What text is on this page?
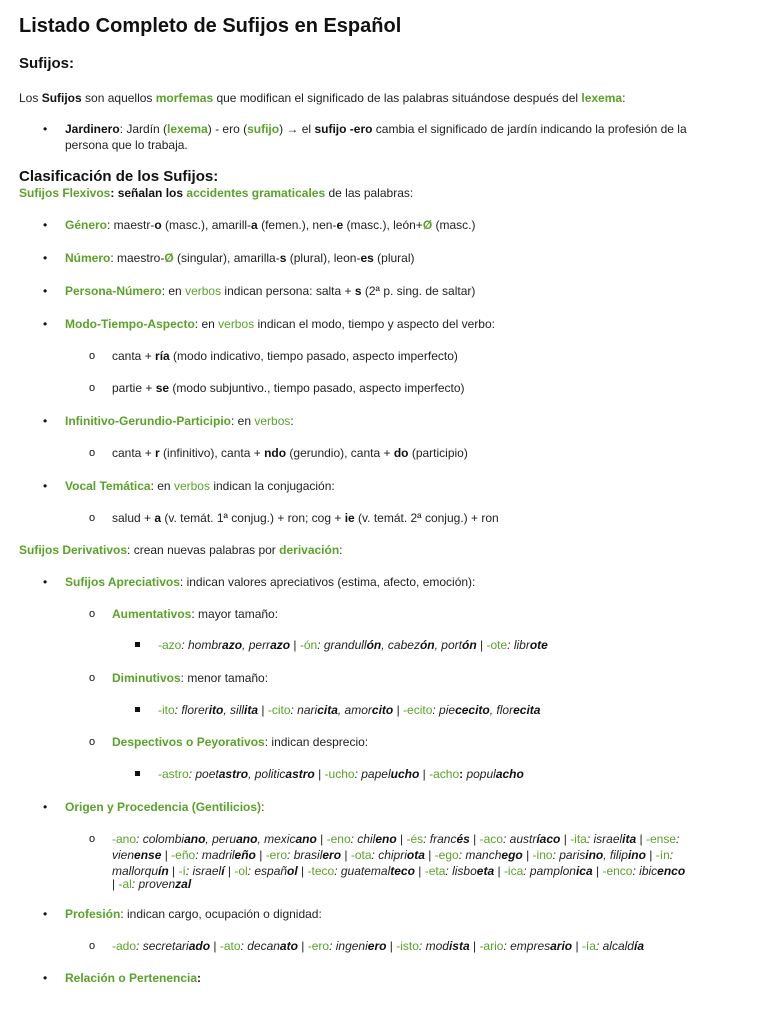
Listado Completo de Sufijos en Español
Sufijos:
Los Sufijos son aquellos morfemas que modifican el significado de las palabras situándose después del lexema:
• Jardinero: Jardín (lexema) - ero (sufijo) → el sufijo -ero cambia el significado de jardín indicando la profesión de la
persona que lo trabaja.
Clasificación de los Sufijos:
Sufijos Flexivos: señalan los accidentes gramaticales de las palabras:
• Género: maestr-o (masc.), amarill-a (femen.), nen-e (masc.), león+Ø (masc.)
• Número: maestro-Ø (singular), amarilla-s (plural), leon-es (plural)
• Persona-Número: en verbos indican persona: salta + s (2ª p. sing. de saltar)
• Modo-Tiempo-Aspecto: en verbos indican el modo, tiempo y aspecto del verbo:
o canta + ría (modo indicativo, tiempo pasado, aspecto imperfecto)
o partie + se (modo subjuntivo., tiempo pasado, aspecto imperfecto)
• Infinitivo-Gerundio-Participio: en verbos:
o canta + r (infinitivo), canta + ndo (gerundio), canta + do (participio)
• Vocal Temática: en verbos indican la conjugación:
o salud + a (v. temát. 1ª conjug.) + ron; cog + ie (v. temát. 2ª conjug.) + ron
Sufijos Derivativos: crean nuevas palabras por derivación:
• Sufijos Apreciativos: indican valores apreciativos (estima, afecto, emoción):
o Aumentativos: mayor tamaño:
-azo: hombrazo, perrazo | -ón: grandullón, cabezón, portón | -ote: librote
o Diminutivos: menor tamaño:
-ito: florerito, sillita | -cito: naricita, amorcito | -ecito: piececito, florecita
o Despectivos o Peyorativos: indican desprecio:
-astro: poetastro, politicastro | -ucho: papelucho | -acho: populacho
• Origen y Procedencia (Gentilicios):
o -ano: colombiano, peruano, mexicano | -eno: chileno | -és: francés | -aco: austríaco | -ita: israelita | -ense:
vienense | -eño: madrileño | -ero: brasilero | -ota: chipriota | -ego: manchego | -ino: parisino, filipino | -ín:
mallorquín | -í: israelí | -ol: español | -teco: guatemalteco | -eta: lisboeta | -ica: pamplonica | -enco: ibicenco
| -al: provenzal
• Profesión: indican cargo, ocupación o dignidad:
o -ado: secretariado | -ato: decanato | -ero: ingeniero | -isto: modista | -ario: empresario | -ía: alcaldía
• Relación o Pertenencia:
